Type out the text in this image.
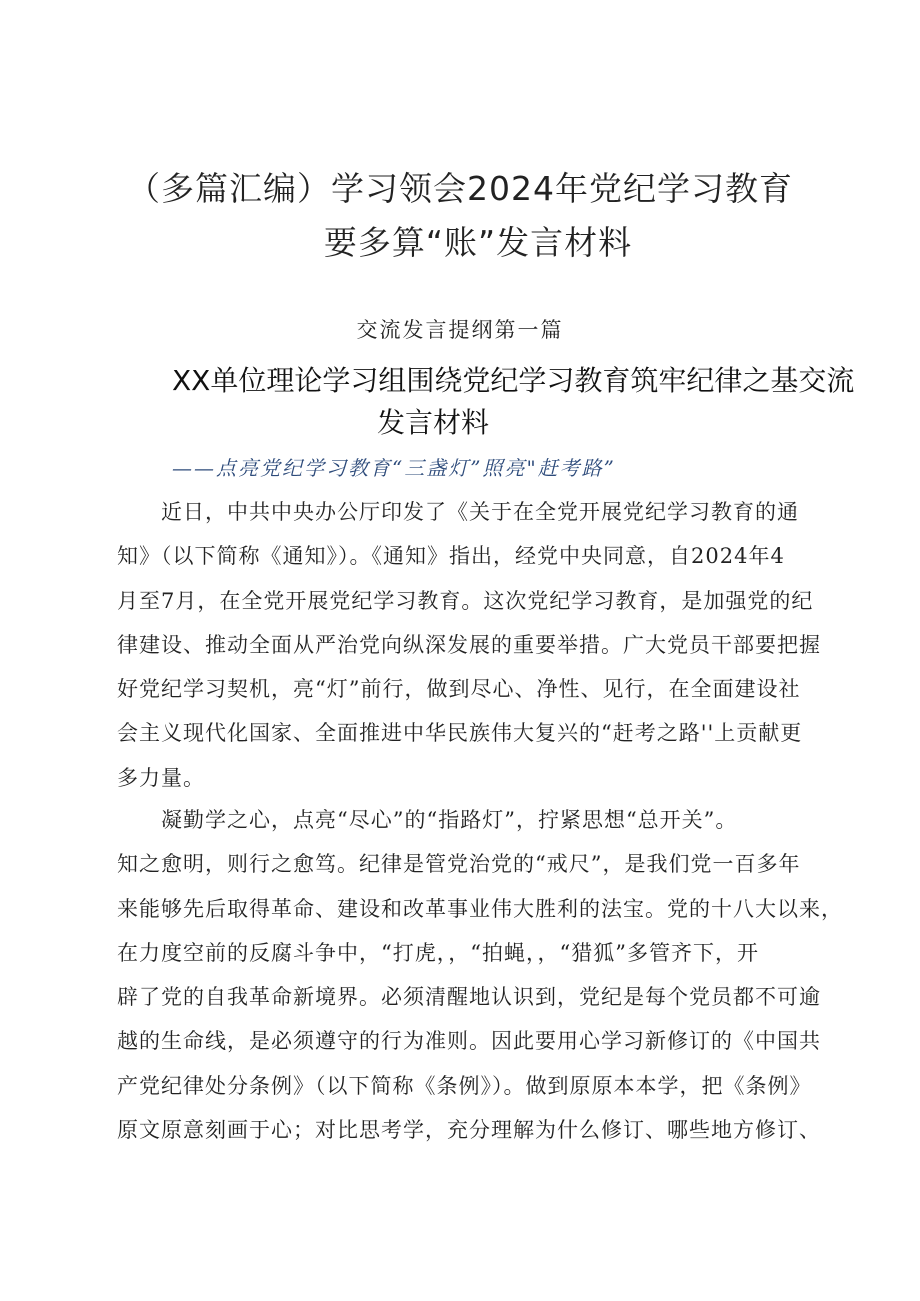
（多篇汇编）学习领会2024年党纪学习教育
要多算“账”发言材料
交流发言提纲第一篇
XX单位理论学习组围绕党纪学习教育筑牢纪律之基交流
发言材料
——点亮党纪学习教育“三盏灯”照亮"赶考路”
　　近日，中共中央办公厅印发了《关于在全党开展党纪学习教育的通
知》（以下简称《通知》）。《通知》指出，经党中央同意，自2024年4
月至7月，在全党开展党纪学习教育。这次党纪学习教育，是加强党的纪
律建设、推动全面从严治党向纵深发展的重要举措。广大党员干部要把握
好党纪学习契机，亮“灯”前行，做到尽心、净性、见行，在全面建设社
会主义现代化国家、全面推进中华民族伟大复兴的“赶考之路''上贡献更
多力量。
　　凝勤学之心，点亮“尽心”的“指路灯”，拧紧思想“总开关”。
知之愈明，则行之愈笃。纪律是管党治党的“戒尺”，是我们党一百多年
来能够先后取得革命、建设和改革事业伟大胜利的法宝。党的十八大以来，
在力度空前的反腐斗争中，“打虎，，“拍蝇，，“猎狐”多管齐下，开
辟了党的自我革命新境界。必须清醒地认识到，党纪是每个党员都不可逾
越的生命线，是必须遵守的行为准则。因此要用心学习新修订的《中国共
产党纪律处分条例》（以下简称《条例》）。做到原原本本学，把《条例》
原文原意刻画于心；对比思考学，充分理解为什么修订、哪些地方修订、
